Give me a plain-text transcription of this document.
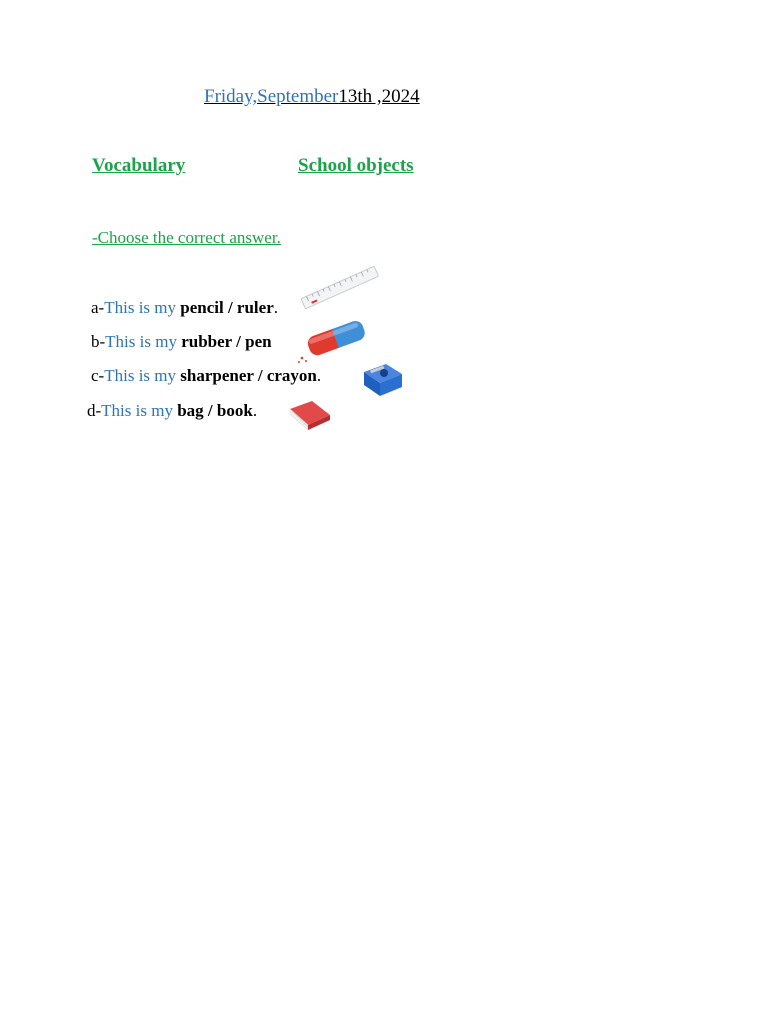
Friday,September13th ,2024
Vocabulary	School objects
-Choose the correct answer.
a-This is my pencil / ruler.
b-This is my rubber / pen
c-This is my sharpener / crayon.
d-This is my bag / book.
